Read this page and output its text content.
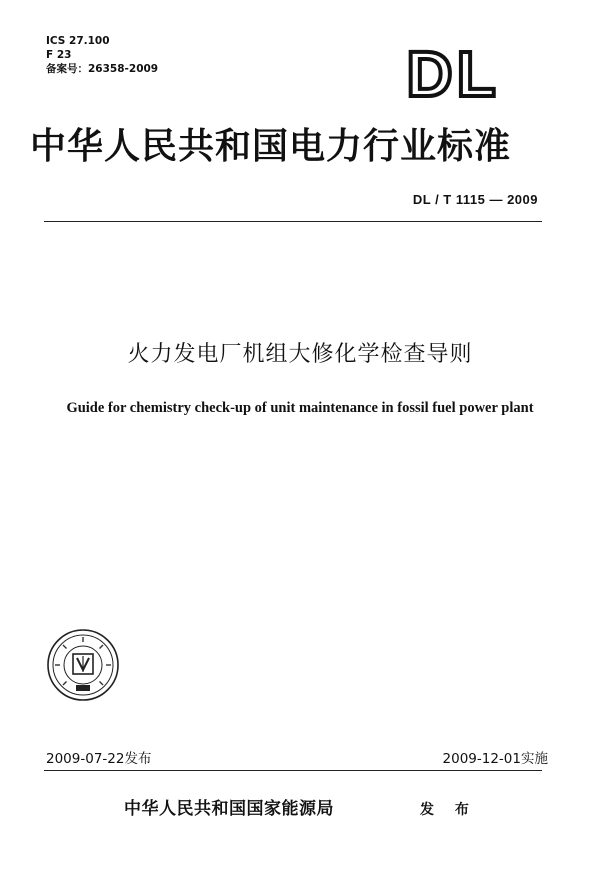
ICS 27.100
F 23
备案号：26358-2009	DL
中华人民共和国电力行业标准
DL / T 1115 — 2009
火力发电厂机组大修化学检查导则
Guide for chemistry check-up of unit maintenance in fossil fuel power plant
2009-07-22发布	2009-12-01实施
中华人民共和国国家能源局	发 布
